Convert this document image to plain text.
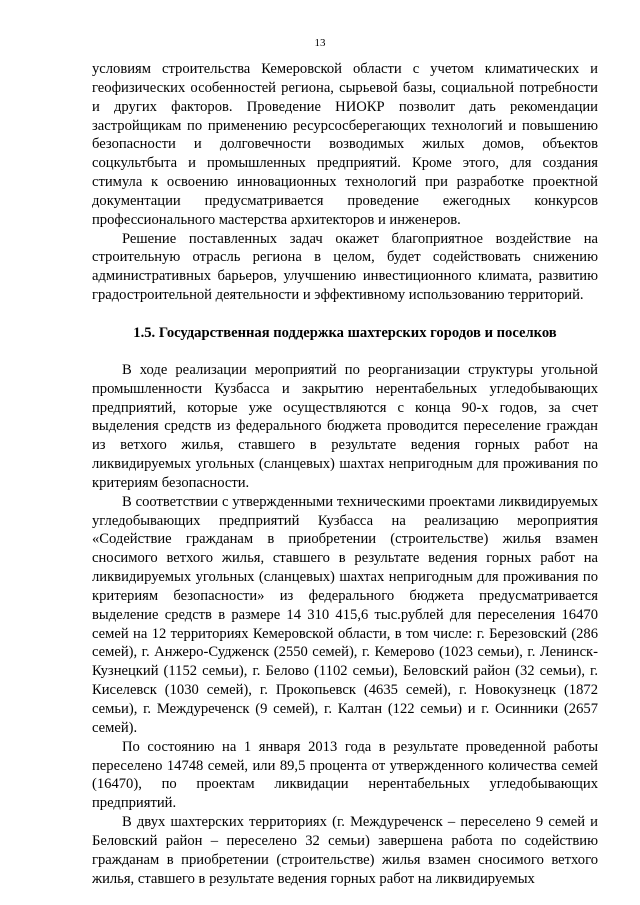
13

условиям строительства Кемеровской области с учетом климатических и геофизических особенностей региона, сырьевой базы, социальной потребности и других факторов. Проведение НИОКР позволит дать рекомендации застройщикам по применению ресурсосберегающих технологий и повышению безопасности и долговечности возводимых жилых домов, объектов соцкультбыта и промышленных предприятий. Кроме этого, для создания стимула к освоению инновационных технологий при разработке проектной документации предусматривается проведение ежегодных конкурсов профессионального мастерства архитекторов и инженеров.

Решение поставленных задач окажет благоприятное воздействие на строительную отрасль региона в целом, будет содействовать снижению административных барьеров, улучшению инвестиционного климата, развитию градостроительной деятельности и эффективному использованию территорий.

1.5. Государственная поддержка шахтерских городов и поселков

В ходе реализации мероприятий по реорганизации структуры угольной промышленности Кузбасса и закрытию нерентабельных угледобывающих предприятий, которые уже осуществляются с конца 90-х годов, за счет выделения средств из федерального бюджета проводится переселение граждан из ветхого жилья, ставшего в результате ведения горных работ на ликвидируемых угольных (сланцевых) шахтах непригодным для проживания по критериям безопасности.

В соответствии с утвержденными техническими проектами ликвидируемых угледобывающих предприятий Кузбасса на реализацию мероприятия «Содействие гражданам в приобретении (строительстве) жилья взамен сносимого ветхого жилья, ставшего в результате ведения горных работ на ликвидируемых угольных (сланцевых) шахтах непригодным для проживания по критериям безопасности» из федерального бюджета предусматривается выделение средств в размере 14 310 415,6 тыс.рублей для переселения 16470 семей на 12 территориях Кемеровской области, в том числе: г. Березовский (286 семей), г. Анжеро-Судженск (2550 семей), г. Кемерово (1023 семьи), г. Ленинск-Кузнецкий (1152 семьи), г. Белово (1102 семьи), Беловский район (32 семьи), г. Киселевск (1030 семей), г. Прокопьевск (4635 семей), г. Новокузнецк (1872 семьи), г. Междуреченск (9 семей), г. Калтан (122 семьи) и г. Осинники (2657 семей).

По состоянию на 1 января 2013 года в результате проведенной работы переселено 14748 семей, или 89,5 процента от утвержденного количества семей (16470), по проектам ликвидации нерентабельных угледобывающих предприятий.

В двух шахтерских территориях (г. Междуреченск – переселено 9 семей и Беловский район – переселено 32 семьи) завершена работа по содействию гражданам в приобретении (строительстве) жилья взамен сносимого ветхого жилья, ставшего в результате ведения горных работ на ликвидируемых
